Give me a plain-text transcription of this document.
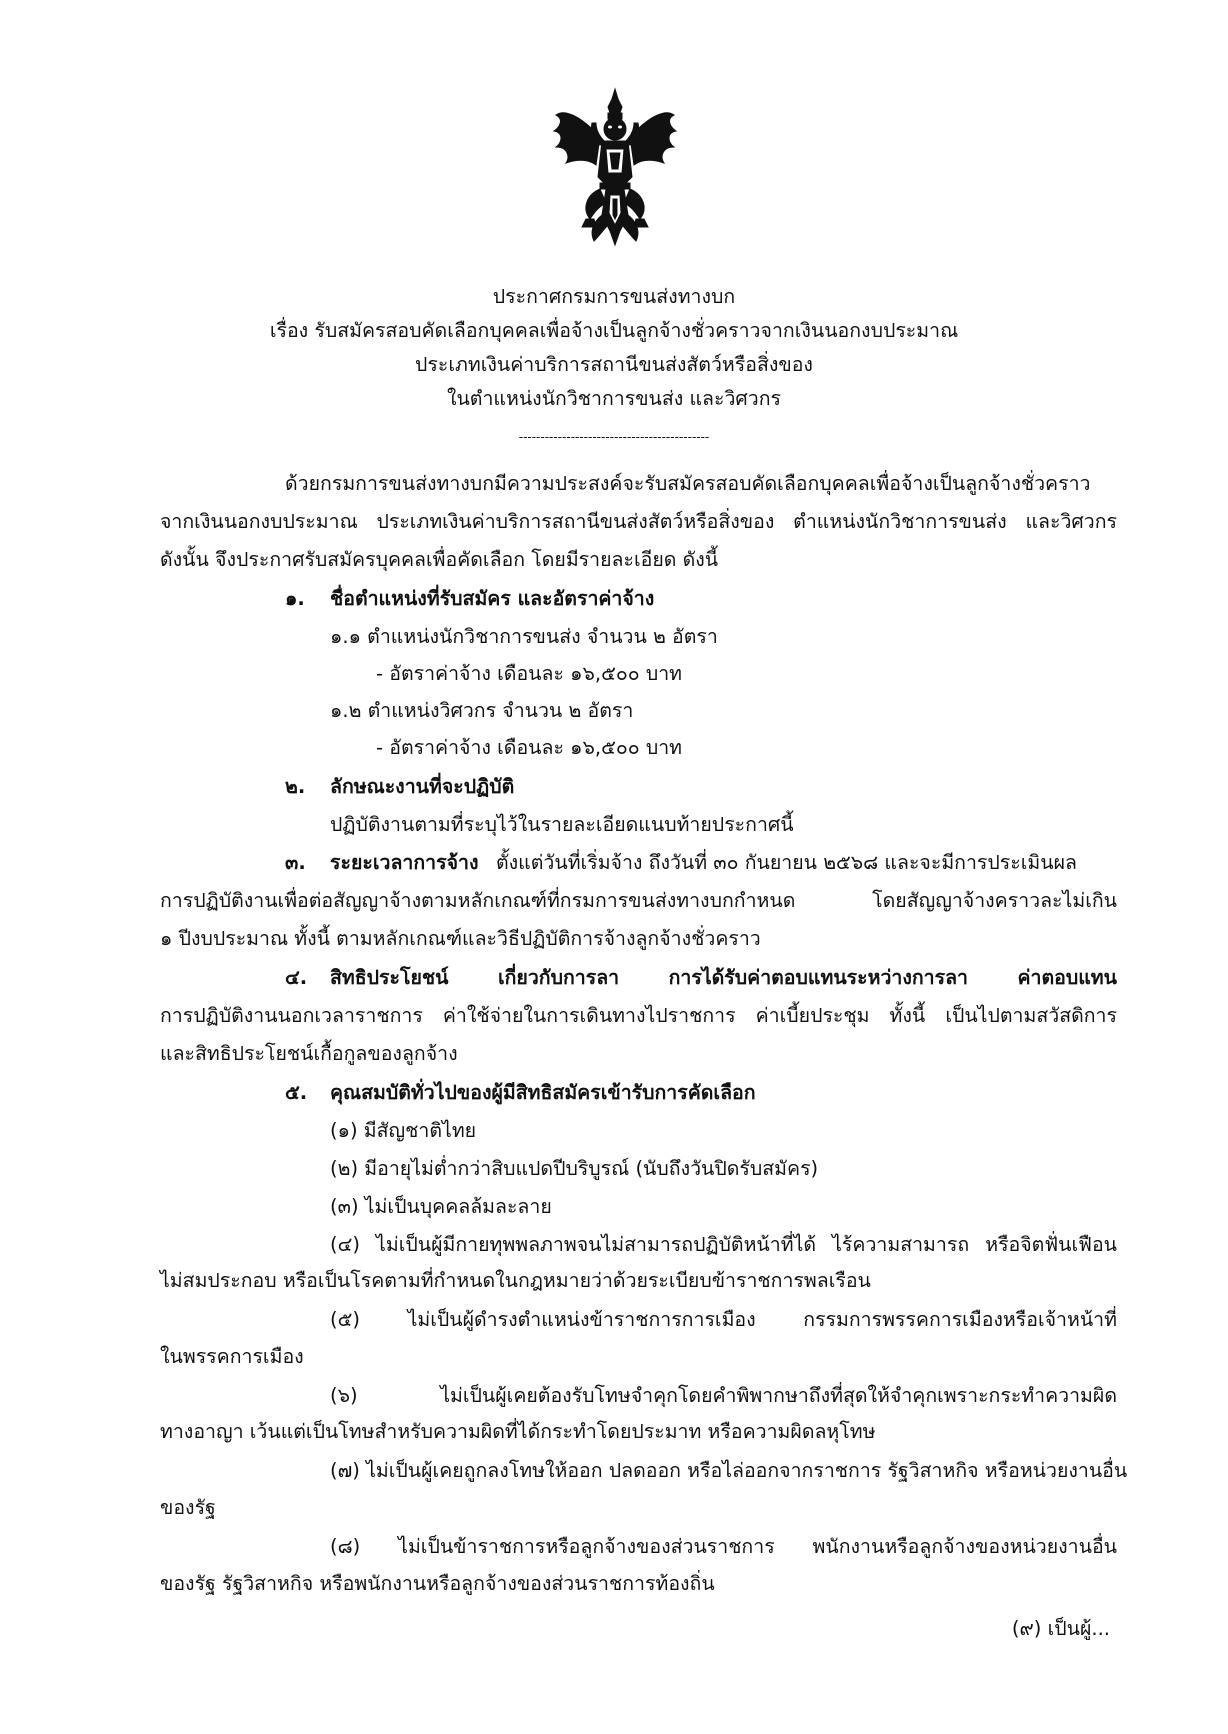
ประกาศกรมการขนส่งทางบก
เรื่อง รับสมัครสอบคัดเลือกบุคคลเพื่อจ้างเป็นลูกจ้างชั่วคราวจากเงินนอกงบประมาณ
ประเภทเงินค่าบริการสถานีขนส่งสัตว์หรือสิ่งของ
ในตำแหน่งนักวิชาการขนส่ง และวิศวกร
--------------------------------------------
ด้วยกรมการขนส่งทางบกมีความประสงค์จะรับสมัครสอบคัดเลือกบุคคลเพื่อจ้างเป็นลูกจ้างชั่วคราว
จากเงินนอกงบประมาณ ประเภทเงินค่าบริการสถานีขนส่งสัตว์หรือสิ่งของ ตำแหน่งนักวิชาการขนส่ง และวิศวกร
ดังนั้น จึงประกาศรับสมัครบุคคลเพื่อคัดเลือก โดยมีรายละเอียด ดังนี้
๑. ชื่อตำแหน่งที่รับสมัคร และอัตราค่าจ้าง
๑.๑ ตำแหน่งนักวิชาการขนส่ง จำนวน ๒ อัตรา
- อัตราค่าจ้าง เดือนละ ๑๖,๕๐๐ บาท
๑.๒ ตำแหน่งวิศวกร จำนวน ๒ อัตรา
- อัตราค่าจ้าง เดือนละ ๑๖,๕๐๐ บาท
๒. ลักษณะงานที่จะปฏิบัติ
ปฏิบัติงานตามที่ระบุไว้ในรายละเอียดแนบท้ายประกาศนี้
๓. ระยะเวลาการจ้าง ตั้งแต่วันที่เริ่มจ้าง ถึงวันที่ ๓๐ กันยายน ๒๕๖๘ และจะมีการประเมินผล
การปฏิบัติงานเพื่อต่อสัญญาจ้างตามหลักเกณฑ์ที่กรมการขนส่งทางบกกำหนด โดยสัญญาจ้างคราวละไม่เกิน
๑ ปีงบประมาณ ทั้งนี้ ตามหลักเกณฑ์และวิธีปฏิบัติการจ้างลูกจ้างชั่วคราว
๔. สิทธิประโยชน์ เกี่ยวกับการลา การได้รับค่าตอบแทนระหว่างการลา ค่าตอบแทน
การปฏิบัติงานนอกเวลาราชการ ค่าใช้จ่ายในการเดินทางไปราชการ ค่าเบี้ยประชุม ทั้งนี้ เป็นไปตามสวัสดิการ
และสิทธิประโยชน์เกื้อกูลของลูกจ้าง
๕. คุณสมบัติทั่วไปของผู้มีสิทธิสมัครเข้ารับการคัดเลือก
(๑) มีสัญชาติไทย
(๒) มีอายุไม่ต่ำกว่าสิบแปดปีบริบูรณ์ (นับถึงวันปิดรับสมัคร)
(๓) ไม่เป็นบุคคลล้มละลาย
(๔) ไม่เป็นผู้มีกายทุพพลภาพจนไม่สามารถปฏิบัติหน้าที่ได้ ไร้ความสามารถ หรือจิตฟั่นเฟือน
ไม่สมประกอบ หรือเป็นโรคตามที่กำหนดในกฎหมายว่าด้วยระเบียบข้าราชการพลเรือน
(๕) ไม่เป็นผู้ดำรงตำแหน่งข้าราชการการเมือง กรรมการพรรคการเมืองหรือเจ้าหน้าที่
ในพรรคการเมือง
(๖) ไม่เป็นผู้เคยต้องรับโทษจำคุกโดยคำพิพากษาถึงที่สุดให้จำคุกเพราะกระทำความผิด
ทางอาญา เว้นแต่เป็นโทษสำหรับความผิดที่ได้กระทำโดยประมาท หรือความผิดลหุโทษ
(๗) ไม่เป็นผู้เคยถูกลงโทษให้ออก ปลดออก หรือไล่ออกจากราชการ รัฐวิสาหกิจ หรือหน่วยงานอื่น
ของรัฐ
(๘) ไม่เป็นข้าราชการหรือลูกจ้างของส่วนราชการ พนักงานหรือลูกจ้างของหน่วยงานอื่น
ของรัฐ รัฐวิสาหกิจ หรือพนักงานหรือลูกจ้างของส่วนราชการท้องถิ่น
(๙) เป็นผู้...
